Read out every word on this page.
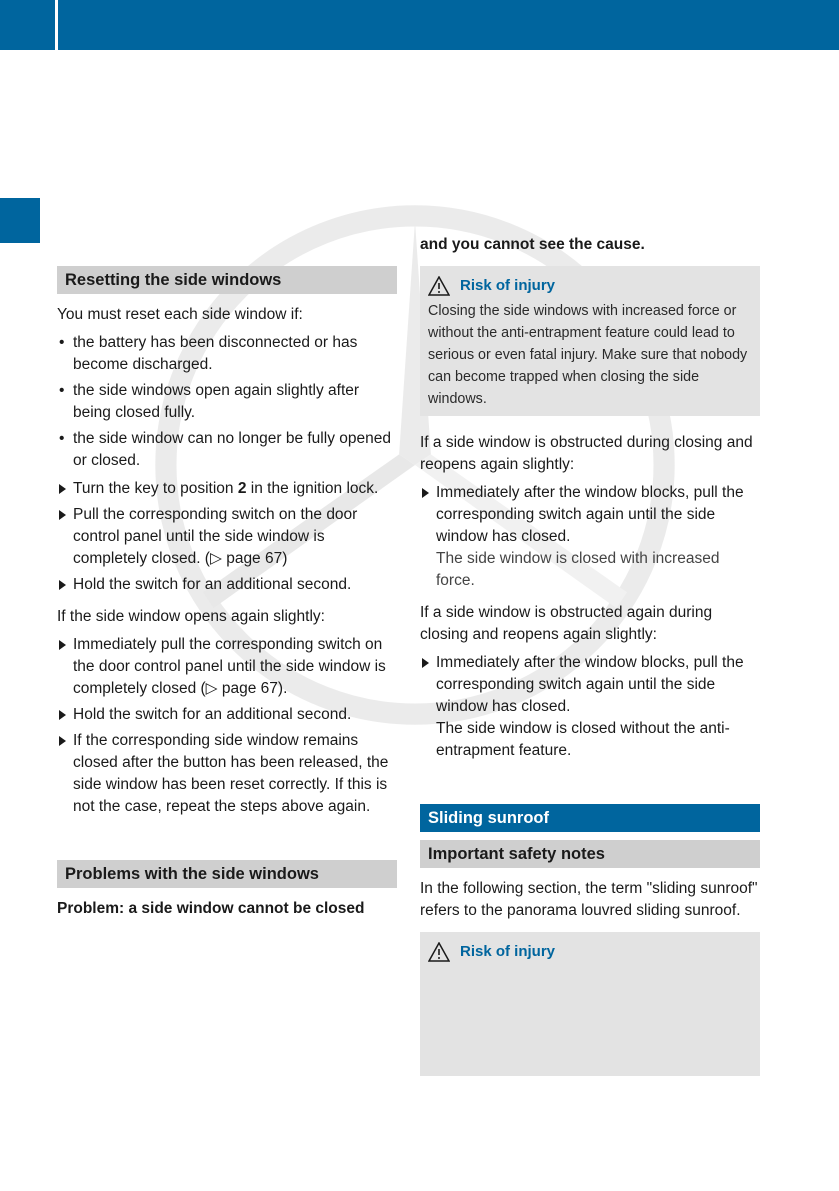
Resetting the side windows

You must reset each side window if:

• the battery has been disconnected or has become discharged.
• the side windows open again slightly after being closed fully.
• the side window can no longer be fully opened or closed.
Turn the key to position 2 in the ignition lock.
Pull the corresponding switch on the door control panel until the side window is completely closed. (▷ page 67)
Hold the switch for an additional second.

If the side window opens again slightly:

Immediately pull the corresponding switch on the door control panel until the side window is completely closed (▷ page 67).
Hold the switch for an additional second.
If the corresponding side window remains closed after the button has been released, the side window has been reset correctly. If this is not the case, repeat the steps above again.
Problems with the side windows

Problem: a side window cannot be closed

and you cannot see the cause.

Risk of injury

Closing the side windows with increased force or without the anti-entrapment feature could lead to serious or even fatal injury. Make sure that nobody can become trapped when closing the side windows.

If a side window is obstructed during closing and reopens again slightly:

Immediately after the window blocks, pull the corresponding switch again until the side window has closed.
The side window is closed with increased force.

If a side window is obstructed again during closing and reopens again slightly:

Immediately after the window blocks, pull the corresponding switch again until the side window has closed.
The side window is closed without the anti-entrapment feature.
Sliding sunroof
Important safety notes

In the following section, the term "sliding sunroof" refers to the panorama louvred sliding sunroof.

Risk of injury
